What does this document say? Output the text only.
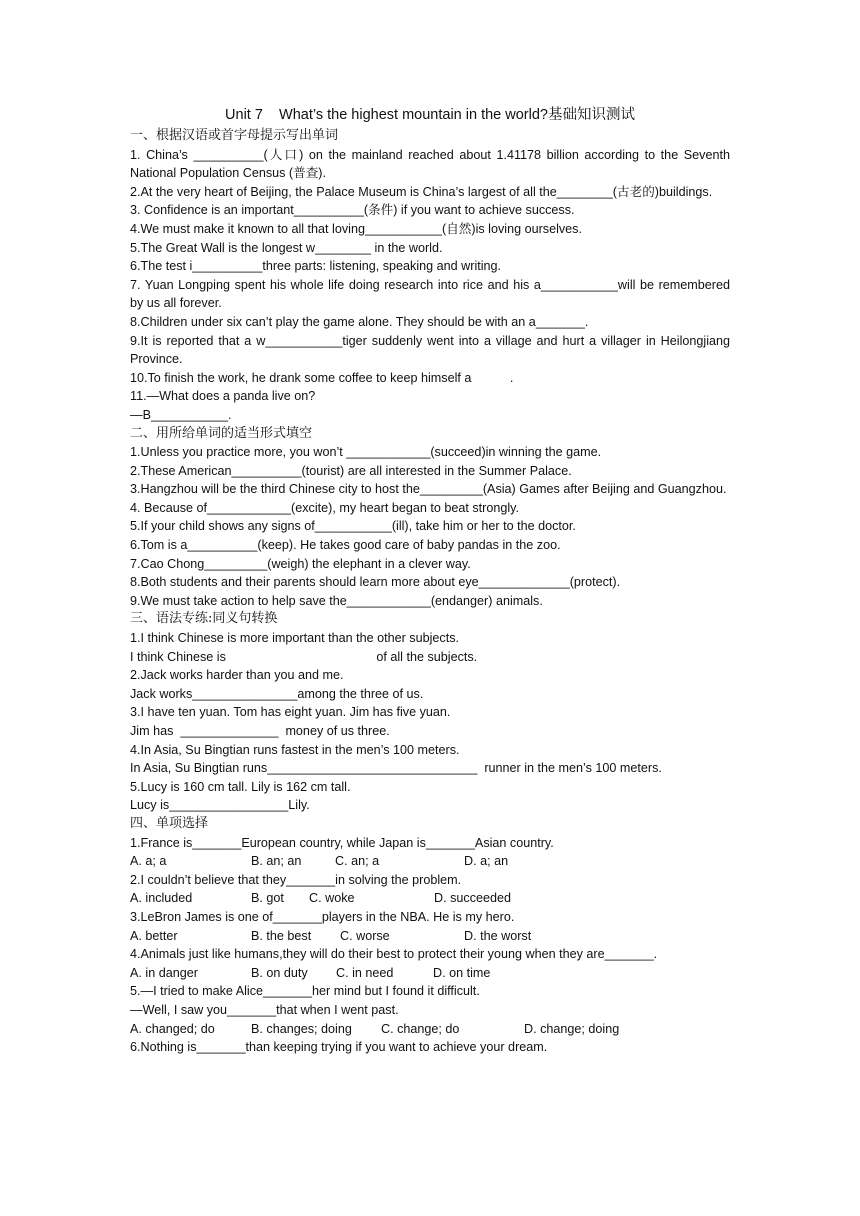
Unit 7    What’s the highest mountain in the world?基础知识测试
一、根据汉语或首字母提示写出单词
1. China’s __________(人口) on the mainland reached about 1.41178 billion according to the Seventh National Population Census (普查).
2.At the very heart of Beijing, the Palace Museum is China’s largest of all the________(古老的)buildings.
3. Confidence is an important__________(条件) if you want to achieve success.
4.We must make it known to all that loving___________(自然)is loving ourselves.
5.The Great Wall is the longest w________ in the world.
6.The test i__________three parts: listening, speaking and writing.
7. Yuan Longping spent his whole life doing research into rice and his a___________will be remembered by us all forever.
8.Children under six can’t play the game alone. They should be with an a_______.
9.It is reported that a w___________tiger suddenly went into a village and hurt a villager in Heilongjiang Province.
10.To finish the work, he drank some coffee to keep himself a           .
11.—What does a panda live on?
—B___________.
二、用所给单词的适当形式填空
1.Unless you practice more, you won’t ____________(succeed)in winning the game.
2.These American__________(tourist) are all interested in the Summer Palace.
3.Hangzhou will be the third Chinese city to host the_________(Asia) Games after Beijing and Guangzhou.
4. Because of____________(excite), my heart began to beat strongly.
5.If your child shows any signs of___________(ill), take him or her to the doctor.
6.Tom is a__________(keep). He takes good care of baby pandas in the zoo.
7.Cao Chong_________(weigh) the elephant in a clever way.
8.Both students and their parents should learn more about eye_____________(protect).
9.We must take action to help save the____________(endanger) animals.
三、语法专练:同义句转换
1.I think Chinese is more important than the other subjects.
I think Chinese is                                           of all the subjects.
2.Jack works harder than you and me.
Jack works_______________among the three of us.
3.I have ten yuan. Tom has eight yuan. Jim has five yuan.
Jim has  ______________  money of us three.
4.In Asia, Su Bingtian runs fastest in the men’s 100 meters.
In Asia, Su Bingtian runs______________________________  runner in the men’s 100 meters.
5.Lucy is 160 cm tall. Lily is 162 cm tall.
Lucy is_________________Lily.
四、单项选择
1.France is_______European country, while Japan is_______Asian country.
A. a; a	B. an; an	C. an; a	D. a; an
2.I couldn’t believe that they_______in solving the problem.
A. included	B. got	C. woke	D. succeeded
3.LeBron James is one of_______players in the NBA. He is my hero.
A. better	B. the best	C. worse	D. the worst
4.Animals just like humans,they will do their best to protect their young when they are_______.
A. in danger	B. on duty	C. in need	D. on time
5.—I tried to make Alice_______her mind but I found it difficult.
—Well, I saw you_______that when I went past.
A. changed; do	B. changes; doing	C. change; do	D. change; doing
6.Nothing is_______than keeping trying if you want to achieve your dream.
